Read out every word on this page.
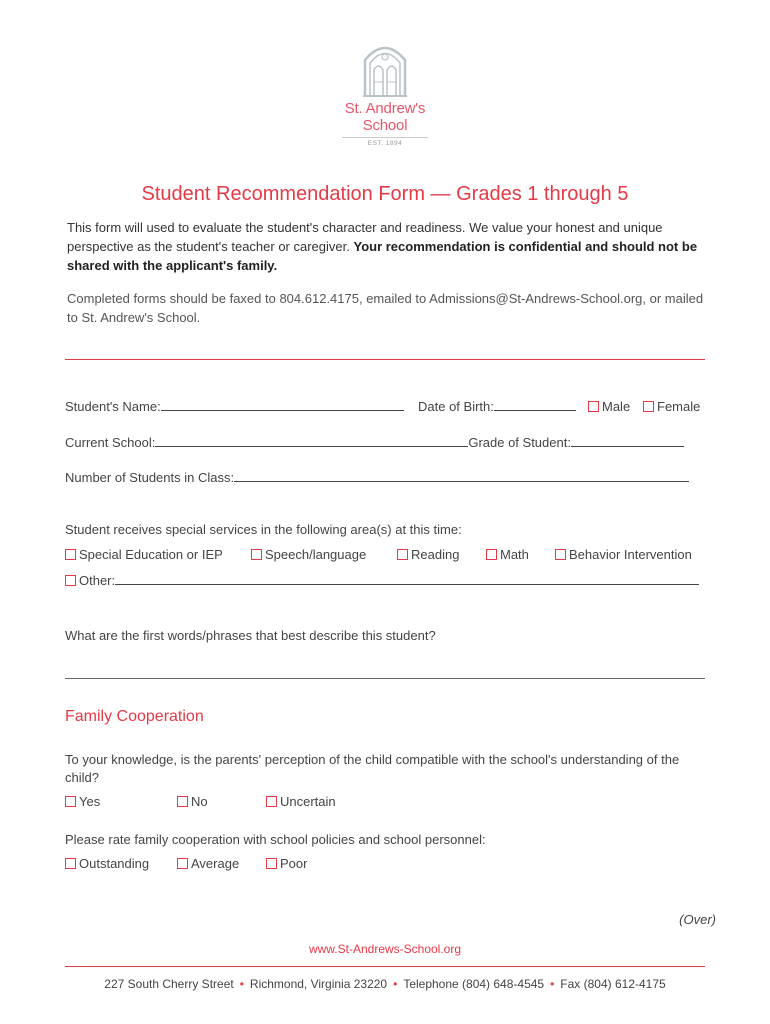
St. Andrew's
School
EST. 1894
Student Recommendation Form — Grades 1 through 5
This form will used to evaluate the student's character and readiness. We value your honest and unique perspective as the student's teacher or caregiver. Your recommendation is confidential and should not be shared with the applicant's family.
Completed forms should be faxed to 804.612.4175, emailed to Admissions@St-Andrews-School.org, or mailed to St. Andrew's School.
Student's Name:	Date of Birth:	Male	Female
Current School:	Grade of Student:
Number of Students in Class:
Student receives special services in the following area(s) at this time:
Special Education or IEP	Speech/language	Reading	Math	Behavior Intervention
Other:
What are the first words/phrases that best describe this student?
Family Cooperation
To your knowledge, is the parents' perception of the child compatible with the school's understanding of the child?
Yes	No	Uncertain
Please rate family cooperation with school policies and school personnel:
Outstanding	Average	Poor
(Over)
www.St-Andrews-School.org
227 South Cherry Street • Richmond, Virginia 23220 • Telephone (804) 648-4545 • Fax (804) 612-4175
